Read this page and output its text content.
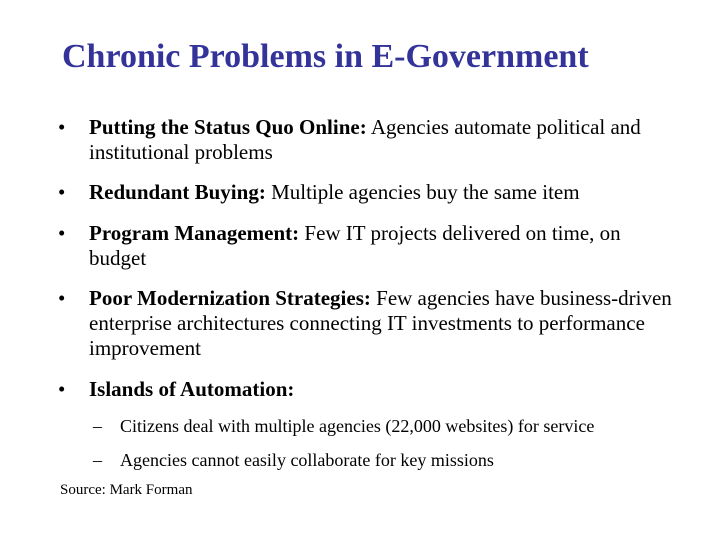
Chronic Problems in E-Government
• Putting the Status Quo Online: Agencies automate political and institutional problems
• Redundant Buying: Multiple agencies buy the same item
• Program Management: Few IT projects delivered on time, on budget
• Poor Modernization Strategies: Few agencies have business-driven enterprise architectures connecting IT investments to performance improvement
• Islands of Automation:
– Citizens deal with multiple agencies (22,000 websites) for service
– Agencies cannot easily collaborate for key missions
Source: Mark Forman
